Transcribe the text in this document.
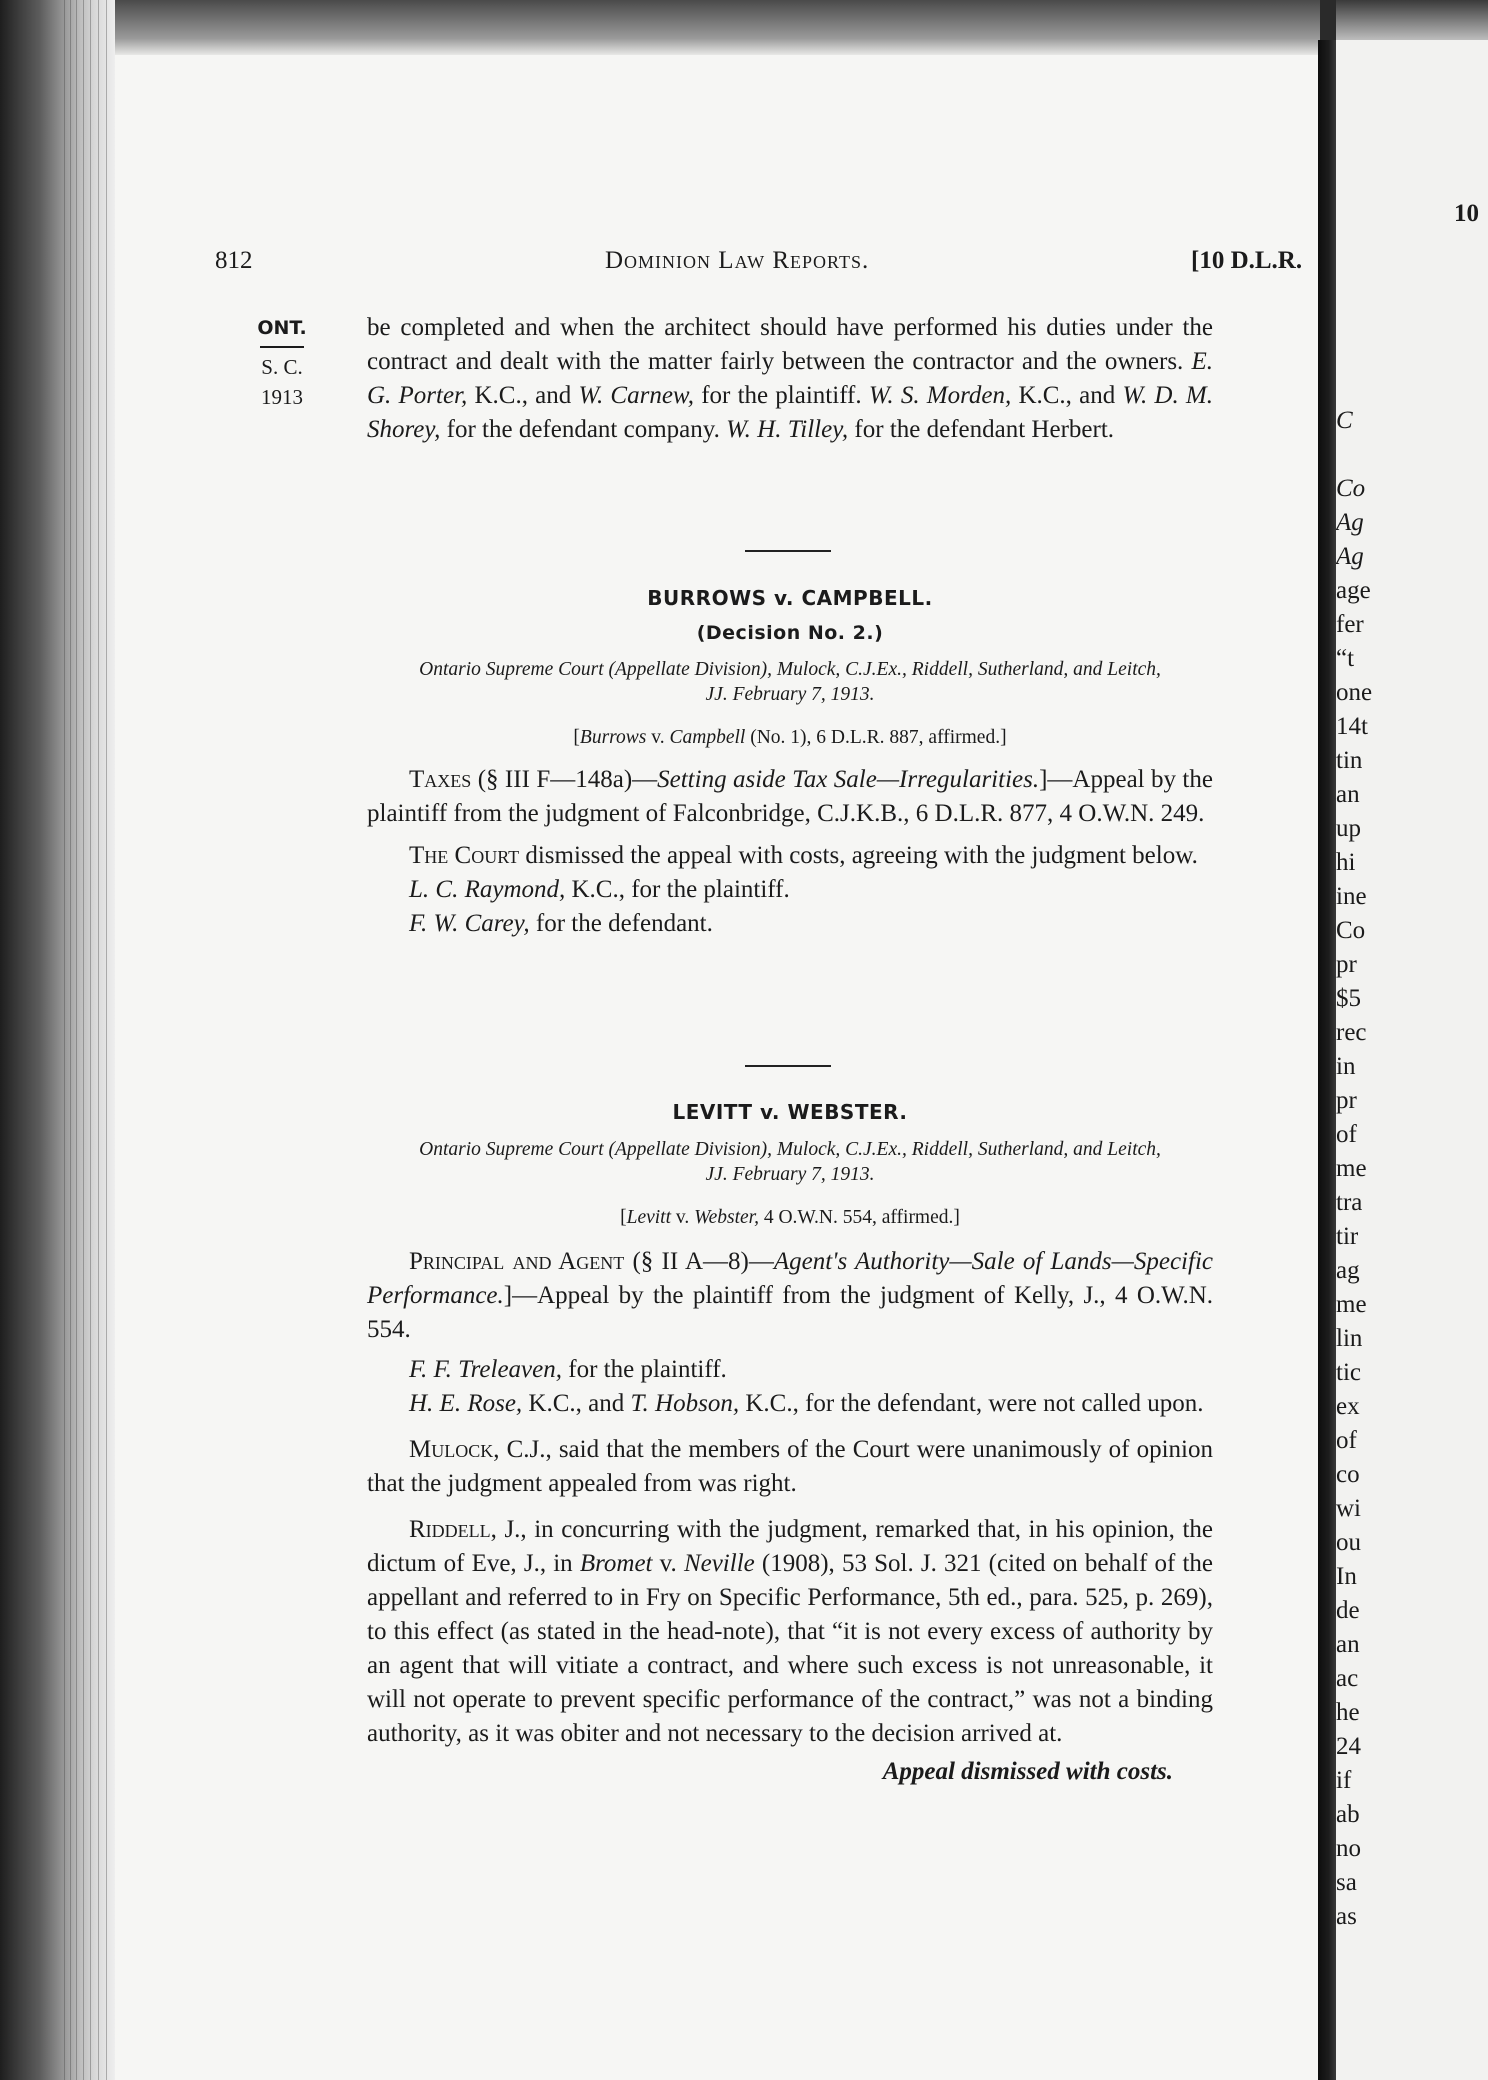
812	Dominion Law Reports.	[10 D.L.R.
ONT.
S. C.
1913

be completed and when the architect should have performed his duties under the contract and dealt with the matter fairly between the contractor and the owners. E. G. Porter, K.C., and W. Carnew, for the plaintiff. W. S. Morden, K.C., and W. D. M. Shorey, for the defendant company. W. H. Tilley, for the defendant Herbert.

BURROWS v. CAMPBELL.
(Decision No. 2.)
Ontario Supreme Court (Appellate Division), Mulock, C.J.Ex., Riddell, Sutherland, and Leitch, JJ. February 7, 1913.
[Burrows v. Campbell (No. 1), 6 D.L.R. 887, affirmed.]

Taxes (§ III F—148a)—Setting aside Tax Sale—Irregularities.]—Appeal by the plaintiff from the judgment of Falconbridge, C.J.K.B., 6 D.L.R. 877, 4 O.W.N. 249.

The Court dismissed the appeal with costs, agreeing with the judgment below.

L. C. Raymond, K.C., for the plaintiff.

F. W. Carey, for the defendant.

LEVITT v. WEBSTER.
Ontario Supreme Court (Appellate Division), Mulock, C.J.Ex., Riddell, Sutherland, and Leitch, JJ. February 7, 1913.
[Levitt v. Webster, 4 O.W.N. 554, affirmed.]

Principal and Agent (§ II A—8)—Agent's Authority—Sale of Lands—Specific Performance.]—Appeal by the plaintiff from the judgment of Kelly, J., 4 O.W.N. 554.

F. F. Treleaven, for the plaintiff.

H. E. Rose, K.C., and T. Hobson, K.C., for the defendant, were not called upon.

Mulock, C.J., said that the members of the Court were unanimously of opinion that the judgment appealed from was right.

Riddell, J., in concurring with the judgment, remarked that, in his opinion, the dictum of Eve, J., in Bromet v. Neville (1908), 53 Sol. J. 321 (cited on behalf of the appellant and referred to in Fry on Specific Performance, 5th ed., para. 525, p. 269), to this effect (as stated in the head-note), that “it is not every excess of authority by an agent that will vitiate a contract, and where such excess is not unreasonable, it will not operate to prevent specific performance of the contract,” was not a binding authority, as it was obiter and not necessary to the decision arrived at.

Appeal dismissed with costs.

10
C
Co
Ag
Ag
age
fer
“t
one
14t
tin
an
up
hi
ine
Co
pr
$5
rec
in
pr
of
me
tra
tir
ag
me
lin
tic
ex
of
co
wi
ou
In
de
an
ac
he
24
if
ab
no
sa
as
